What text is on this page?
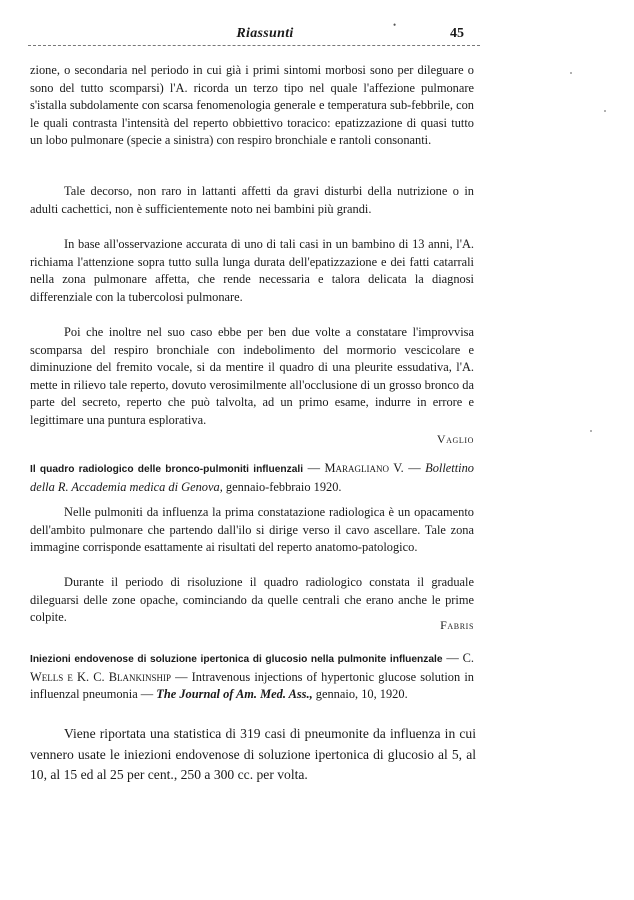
Riassunti
•
45

zione, o secondaria nel periodo in cui già i primi sintomi morbosi sono per dileguare o sono del tutto scomparsi) l'A. ricorda un terzo tipo nel quale l'affezione pulmonare s'istalla subdolamente con scarsa fenomenologia generale e temperatura sub-febbrile, con le quali contrasta l'intensità del reperto obbiettivo toracico: epatizzazione di quasi tutto un lobo pulmonare (specie a sinistra) con respiro bronchiale e rantoli consonanti.

Tale decorso, non raro in lattanti affetti da gravi disturbi della nutrizione o in adulti cachettici, non è sufficientemente noto nei bambini più grandi.

In base all'osservazione accurata di uno di tali casi in un bambino di 13 anni, l'A. richiama l'attenzione sopra tutto sulla lunga durata dell'epatizzazione e dei fatti catarrali nella zona pulmonare affetta, che rende necessaria e talora delicata la diagnosi differenziale con la tubercolosi pulmonare.

Poi che inoltre nel suo caso ebbe per ben due volte a constatare l'improvvisa scomparsa del respiro bronchiale con indebolimento del mormorio vescicolare e diminuzione del fremito vocale, si da mentire il quadro di una pleurite essudativa, l'A. mette in rilievo tale reperto, dovuto verosimilmente all'occlusione di un grosso bronco da parte del secreto, reperto che può talvolta, ad un primo esame, indurre in errore e legittimare una puntura esplorativa.

Vaglio

Il quadro radiologico delle bronco-pulmoniti influenzali — Maragliano V. — Bollettino della R. Accademia medica di Genova, gennaio-febbraio 1920.

Nelle pulmoniti da influenza la prima constatazione radiologica è un opacamento dell'ambito pulmonare che partendo dall'ilo si dirige verso il cavo ascellare. Tale zona immagine corrisponde esattamente ai risultati del reperto anatomo-patologico.

Durante il periodo di risoluzione il quadro radiologico constata il graduale dileguarsi delle zone opache, cominciando da quelle centrali che erano anche le prime colpite.

Fabris

Iniezioni endovenose di soluzione ipertonica di glucosio nella pulmonite influenzale — C. Wells e K. C. Blankinship — Intravenous injections of hypertonic glucose solution in influenzal pneumonia — The Journal of Am. Med. Ass., gennaio, 10, 1920.

Viene riportata una statistica di 319 casi di pneumonite da influenza in cui vennero usate le iniezioni endovenose di soluzione ipertonica di glucosio al 5, al 10, al 15 ed al 25 per cent., 250 a 300 cc. per volta.
